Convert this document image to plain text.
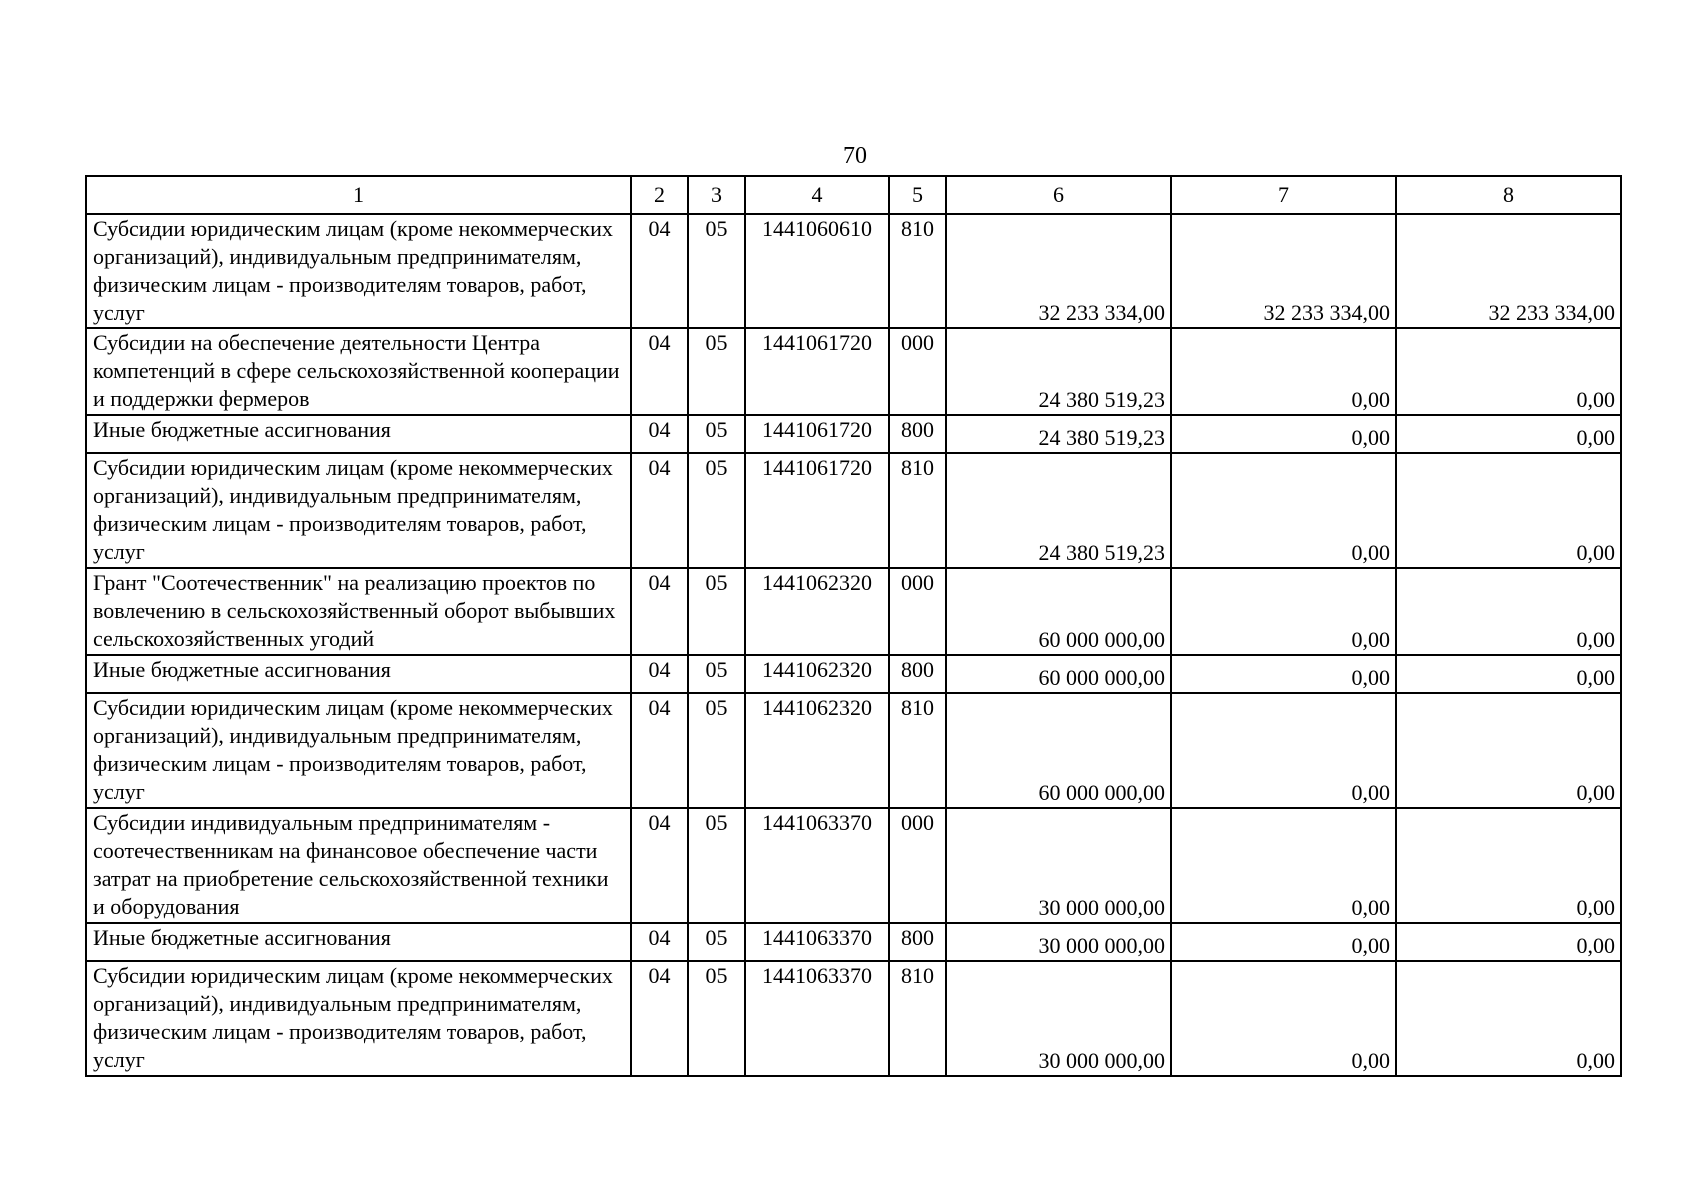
70
1	2	3	4	5	6	7	8
Субсидии юридическим лицам (кроме некоммерческих организаций), индивидуальным предпринимателям, физическим лицам - производителям товаров, работ, услуг	04	05	1441060610	810	32 233 334,00	32 233 334,00	32 233 334,00
Субсидии на обеспечение деятельности Центра компетенций в сфере сельскохозяйственной кооперации и поддержки фермеров	04	05	1441061720	000	24 380 519,23	0,00	0,00
Иные бюджетные ассигнования	04	05	1441061720	800	24 380 519,23	0,00	0,00
Субсидии юридическим лицам (кроме некоммерческих организаций), индивидуальным предпринимателям, физическим лицам - производителям товаров, работ, услуг	04	05	1441061720	810	24 380 519,23	0,00	0,00
Грант "Соотечественник" на реализацию проектов по вовлечению в сельскохозяйственный оборот выбывших сельскохозяйственных угодий	04	05	1441062320	000	60 000 000,00	0,00	0,00
Иные бюджетные ассигнования	04	05	1441062320	800	60 000 000,00	0,00	0,00
Субсидии юридическим лицам (кроме некоммерческих организаций), индивидуальным предпринимателям, физическим лицам - производителям товаров, работ, услуг	04	05	1441062320	810	60 000 000,00	0,00	0,00
Субсидии индивидуальным предпринимателям - соотечественникам на финансовое обеспечение части затрат на приобретение сельскохозяйственной техники и оборудования	04	05	1441063370	000	30 000 000,00	0,00	0,00
Иные бюджетные ассигнования	04	05	1441063370	800	30 000 000,00	0,00	0,00
Субсидии юридическим лицам (кроме некоммерческих организаций), индивидуальным предпринимателям, физическим лицам - производителям товаров, работ, услуг	04	05	1441063370	810	30 000 000,00	0,00	0,00
